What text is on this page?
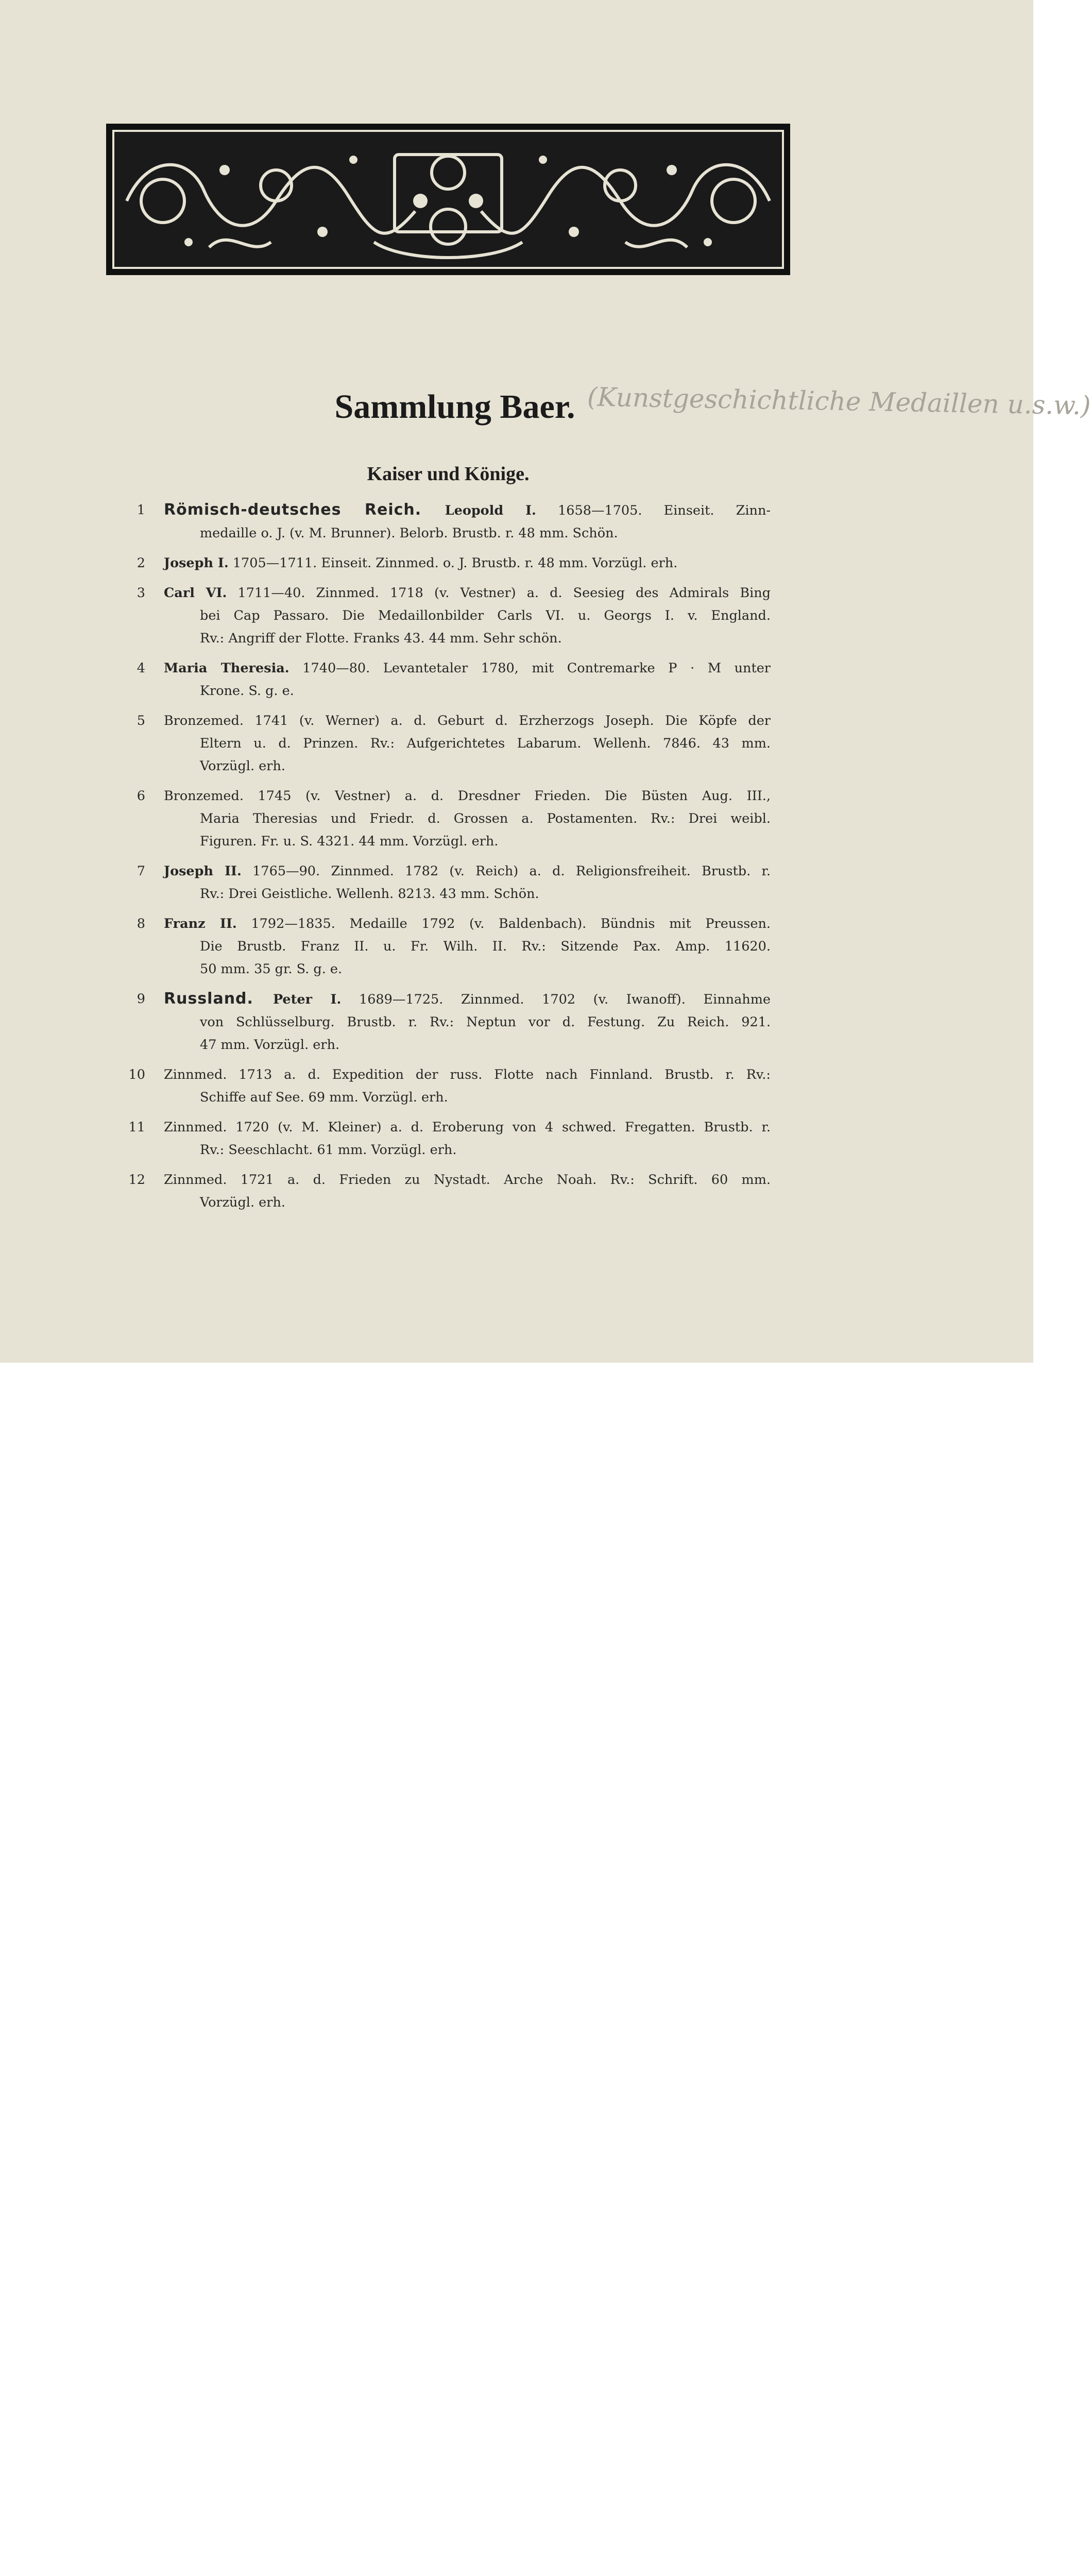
Sammlung Baer. (Kunstgeschichtliche Medaillen u.s.w.)
Kaiser und Könige.
1 Römisch-deutsches Reich. Leopold I. 1658—1705. Einseit. Zinn-
medaille o. J. (v. M. Brunner). Belorb. Brustb. r. 48 mm. Schön.
2 Joseph I. 1705—1711. Einseit. Zinnmed. o. J. Brustb. r. 48 mm. Vorzügl. erh.
3 Carl VI. 1711—40. Zinnmed. 1718 (v. Vestner) a. d. Seesieg des Admirals Bing
bei Cap Passaro. Die Medaillonbilder Carls VI. u. Georgs I. v. England.
Rv.: Angriff der Flotte. Franks 43. 44 mm. Sehr schön.
4 Maria Theresia. 1740—80. Levantetaler 1780, mit Contremarke P · M unter
Krone. S. g. e.
5 Bronzemed. 1741 (v. Werner) a. d. Geburt d. Erzherzogs Joseph. Die Köpfe der
Eltern u. d. Prinzen. Rv.: Aufgerichtetes Labarum. Wellenh. 7846. 43 mm.
Vorzügl. erh.
6 Bronzemed. 1745 (v. Vestner) a. d. Dresdner Frieden. Die Büsten Aug. III.,
Maria Theresias und Friedr. d. Grossen a. Postamenten. Rv.: Drei weibl.
Figuren. Fr. u. S. 4321. 44 mm. Vorzügl. erh.
7 Joseph II. 1765—90. Zinnmed. 1782 (v. Reich) a. d. Religionsfreiheit. Brustb. r.
Rv.: Drei Geistliche. Wellenh. 8213. 43 mm. Schön.
8 Franz II. 1792—1835. Medaille 1792 (v. Baldenbach). Bündnis mit Preussen.
Die Brustb. Franz II. u. Fr. Wilh. II. Rv.: Sitzende Pax. Amp. 11620.
50 mm. 35 gr. S. g. e.
9 Russland. Peter I. 1689—1725. Zinnmed. 1702 (v. Iwanoff). Einnahme
von Schlüsselburg. Brustb. r. Rv.: Neptun vor d. Festung. Zu Reich. 921.
47 mm. Vorzügl. erh.
10 Zinnmed. 1713 a. d. Expedition der russ. Flotte nach Finnland. Brustb. r. Rv.:
Schiffe auf See. 69 mm. Vorzügl. erh.
11 Zinnmed. 1720 (v. M. Kleiner) a. d. Eroberung von 4 schwed. Fregatten. Brustb. r.
Rv.: Seeschlacht. 61 mm. Vorzügl. erh.
12 Zinnmed. 1721 a. d. Frieden zu Nystadt. Arche Noah. Rv.: Schrift. 60 mm.
Vorzügl. erh.
